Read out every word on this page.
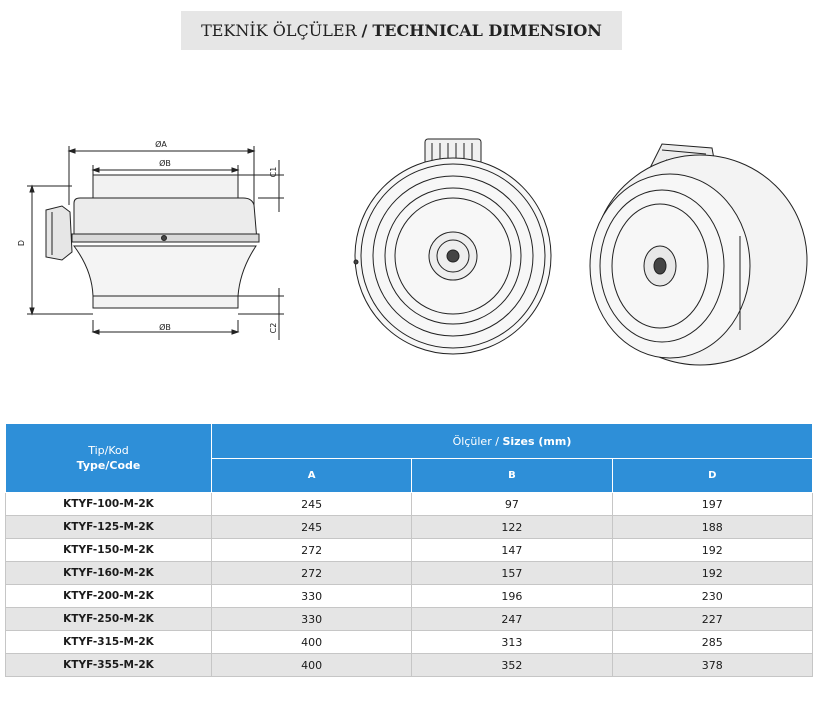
TEKNİK ÖLÇÜLER / TECHNICAL DIMENSION
ØA
ØB
ØB
D
C1
C2
Tip/Kod
Type/Code	Ölçüler / Sizes (mm)		
	A	B	D
KTYF-100-M-2K	245	97	197
KTYF-125-M-2K	245	122	188
KTYF-150-M-2K	272	147	192
KTYF-160-M-2K	272	157	192
KTYF-200-M-2K	330	196	230
KTYF-250-M-2K	330	247	227
KTYF-315-M-2K	400	313	285
KTYF-355-M-2K	400	352	378
